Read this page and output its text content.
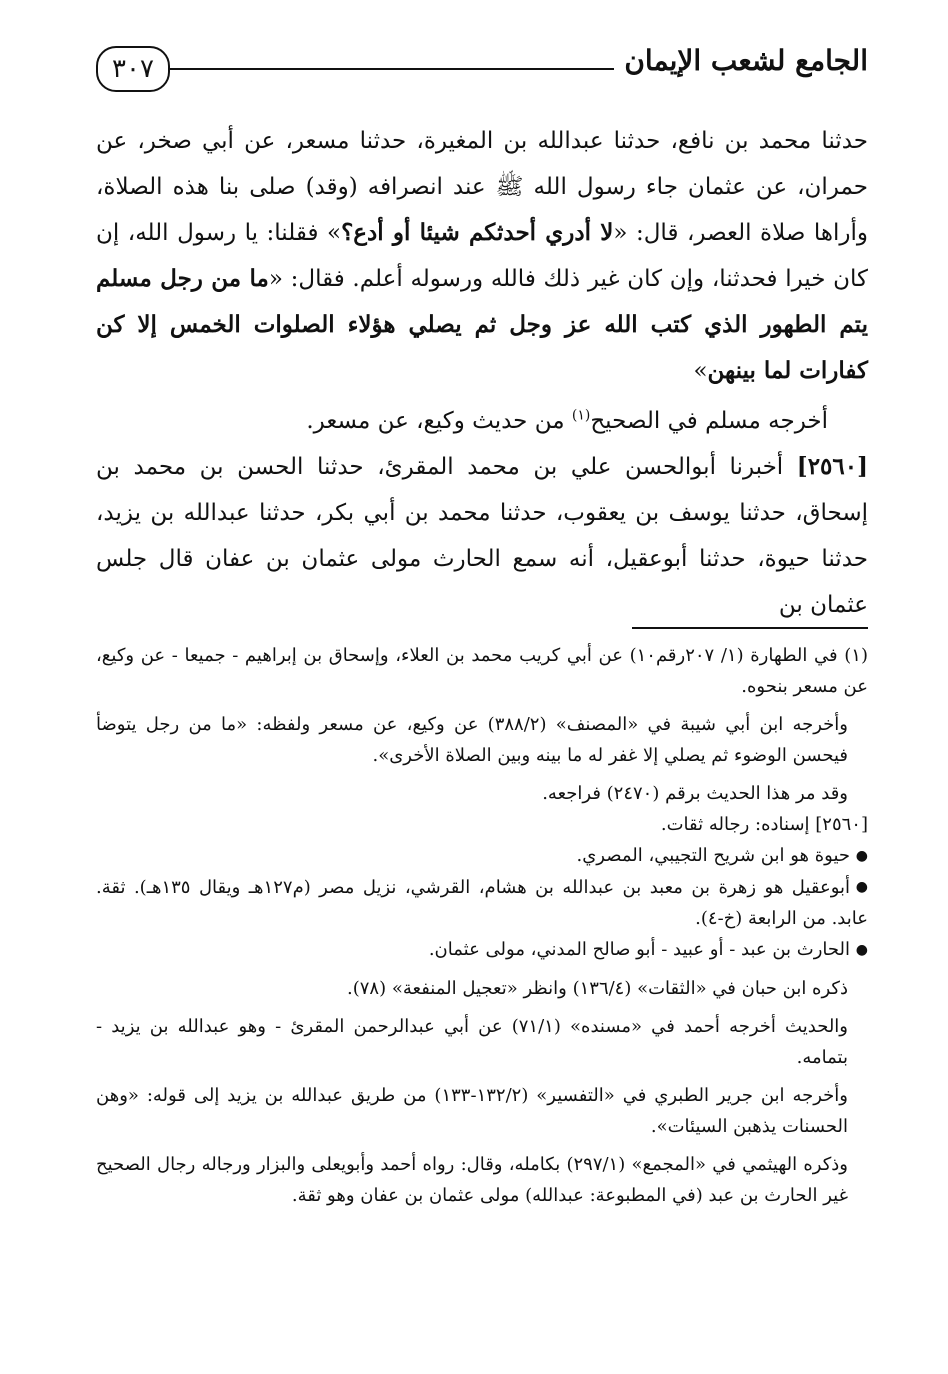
الجامع لشعب الإيمان
٣٠٧

حدثنا محمد بن نافع، حدثنا عبدالله بن المغيرة، حدثنا مسعر، عن أبي صخر، عن حمران، عن عثمان جاء رسول الله ﷺ عند انصرافه (وقد) صلى بنا هذه الصلاة، وأراها صلاة العصر، قال: «لا أدري أحدثكم شيئا أو أدع؟» فقلنا: يا رسول الله، إن كان خيرا فحدثنا، وإن كان غير ذلك فالله ورسوله أعلم. فقال: «ما من رجل مسلم يتم الطهور الذي كتب الله عز وجل ثم يصلي هؤلاء الصلوات الخمس إلا كن كفارات لما بينهن»

أخرجه مسلم في الصحيح$^{(١)}$ من حديث وكيع، عن مسعر.

[٢٥٦٠] أخبرنا أبوالحسن علي بن محمد المقرئ، حدثنا الحسن بن محمد بن إسحاق، حدثنا يوسف بن يعقوب، حدثنا محمد بن أبي بكر، حدثنا عبدالله بن يزيد، حدثنا حيوة، حدثنا أبوعقيل، أنه سمع الحارث مولى عثمان بن عفان قال جلس عثمان بن

(١) في الطهارة (١/ ٢٠٧رقم١٠) عن أبي كريب محمد بن العلاء، وإسحاق بن إبراهيم - جميعا - عن وكيع، عن مسعر بنحوه.

وأخرجه ابن أبي شيبة في «المصنف» (٣٨٨/٢) عن وكيع، عن مسعر ولفظه: «ما من رجل يتوضأ فيحسن الوضوء ثم يصلي إلا غفر له ما بينه وبين الصلاة الأخرى».

وقد مر هذا الحديث برقم (٢٤٧٠) فراجعه.

[٢٥٦٠] إسناده: رجاله ثقات.

●حيوة هو ابن شريح التجيبي، المصري.

●أبوعقيل هو زهرة بن معبد بن عبدالله بن هشام، القرشي، نزيل مصر (م١٢٧هـ ويقال ١٣٥هـ). ثقة. عابد. من الرابعة (خ-٤).

●الحارث بن عبد - أو عبيد - أبو صالح المدني، مولى عثمان.

ذكره ابن حبان في «الثقات» (١٣٦/٤) وانظر «تعجيل المنفعة» (٧٨).

والحديث أخرجه أحمد في «مسنده» (٧١/١) عن أبي عبدالرحمن المقرئ - وهو عبدالله بن يزيد - بتمامه.

وأخرجه ابن جرير الطبري في «التفسير» (١٣٢/٢-١٣٣) من طريق عبدالله بن يزيد إلى قوله: «وهن الحسنات يذهبن السيئات».

وذكره الهيثمي في «المجمع» (٢٩٧/١) بكامله، وقال: رواه أحمد وأبويعلى والبزار ورجاله رجال الصحيح غير الحارث بن عبد (في المطبوعة: عبدالله) مولى عثمان بن عفان وهو ثقة.
